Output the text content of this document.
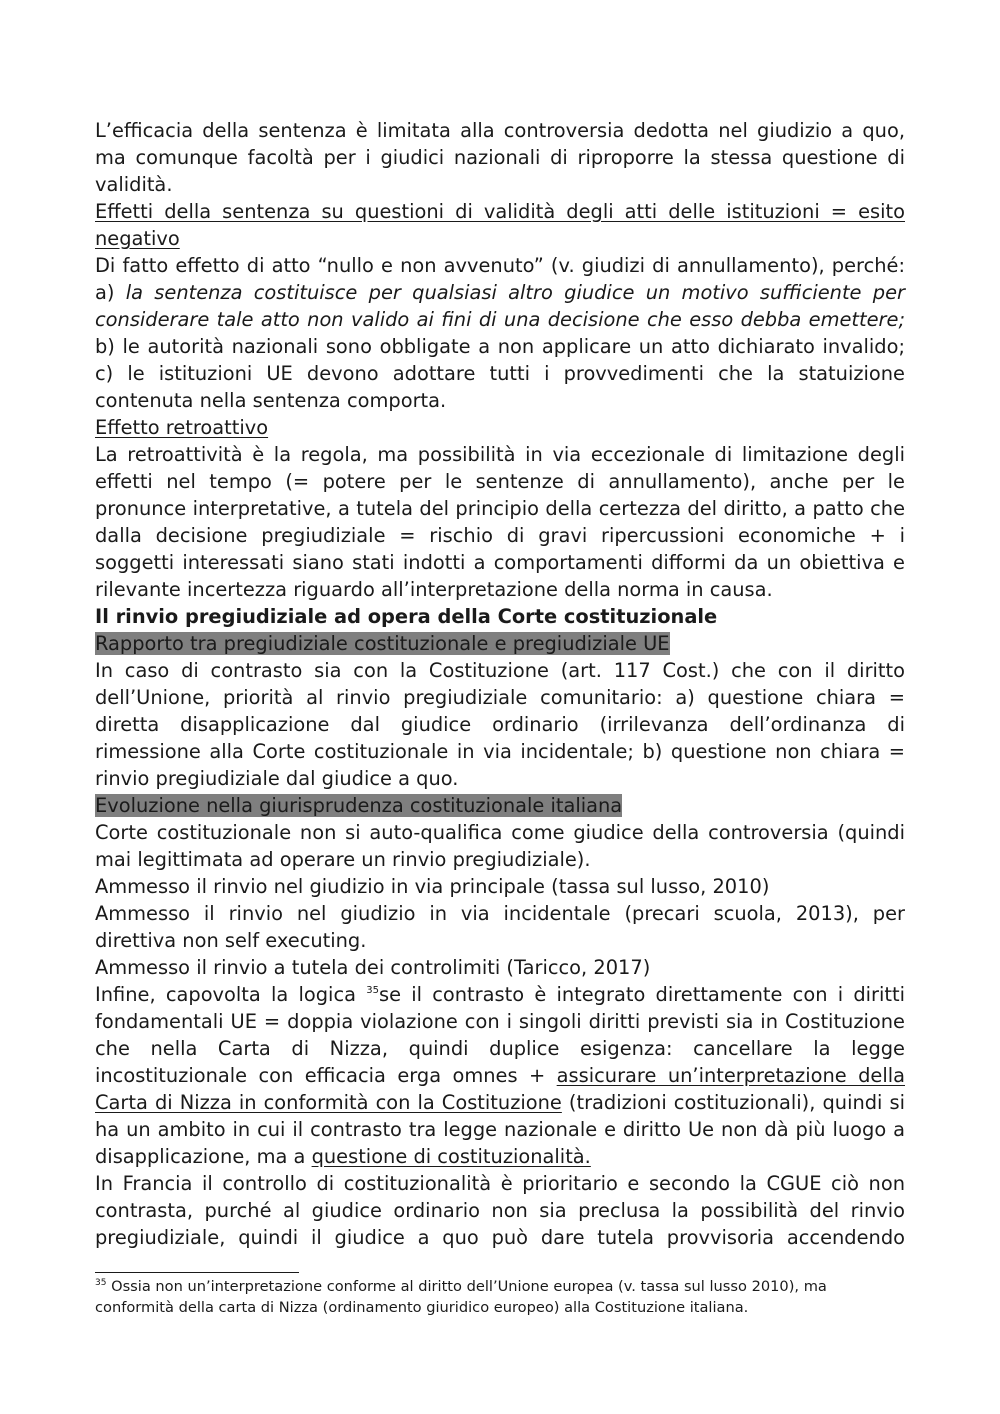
L’efficacia della sentenza è limitata alla controversia dedotta nel giudizio a quo, ma comunque facoltà per i giudici nazionali di riproporre la stessa questione di validità.

Effetti della sentenza su questioni di validità degli atti delle istituzioni = esito negativo

Di fatto effetto di atto “nullo e non avvenuto” (v. giudizi di annullamento), perché: a) la sentenza costituisce per qualsiasi altro giudice un motivo sufficiente per considerare tale atto non valido ai fini di una decisione che esso debba emettere; b) le autorità nazionali sono obbligate a non applicare un atto dichiarato invalido; c) le istituzioni UE devono adottare tutti i provvedimenti che la statuizione contenuta nella sentenza comporta.

Effetto retroattivo

La retroattività è la regola, ma possibilità in via eccezionale di limitazione degli effetti nel tempo (= potere per le sentenze di annullamento), anche per le pronunce interpretative, a tutela del principio della certezza del diritto, a patto che dalla decisione pregiudiziale = rischio di gravi ripercussioni economiche + i soggetti interessati siano stati indotti a comportamenti difformi da un obiettiva e rilevante incertezza riguardo all’interpretazione della norma in causa.

Il rinvio pregiudiziale ad opera della Corte costituzionale

Rapporto tra pregiudiziale costituzionale e pregiudiziale UE

In caso di contrasto sia con la Costituzione (art. 117 Cost.) che con il diritto dell’Unione, priorità al rinvio pregiudiziale comunitario: a) questione chiara = diretta disapplicazione dal giudice ordinario (irrilevanza dell’ordinanza di rimessione alla Corte costituzionale in via incidentale; b) questione non chiara = rinvio pregiudiziale dal giudice a quo.

Evoluzione nella giurisprudenza costituzionale italiana

Corte costituzionale non si auto-qualifica come giudice della controversia (quindi mai legittimata ad operare un rinvio pregiudiziale).

Ammesso il rinvio nel giudizio in via principale (tassa sul lusso, 2010)

Ammesso il rinvio nel giudizio in via incidentale (precari scuola, 2013), per direttiva non self executing.

Ammesso il rinvio a tutela dei controlimiti (Taricco, 2017)

Infine, capovolta la logica $^{35}$se il contrasto è integrato direttamente con i diritti fondamentali UE = doppia violazione con i singoli diritti previsti sia in Costituzione che nella Carta di Nizza, quindi duplice esigenza: cancellare la legge incostituzionale con efficacia erga omnes + assicurare un’interpretazione della Carta di Nizza in conformità con la Costituzione (tradizioni costituzionali), quindi si ha un ambito in cui il contrasto tra legge nazionale e diritto Ue non dà più luogo a disapplicazione, ma a questione di costituzionalità.

In Francia il controllo di costituzionalità è prioritario e secondo la CGUE ciò non contrasta, purché al giudice ordinario non sia preclusa la possibilità del rinvio pregiudiziale, quindi il giudice a quo può dare tutela provvisoria accendendo

$^{35}$ Ossia non un’interpretazione conforme al diritto dell’Unione europea (v. tassa sul lusso 2010), ma conformità della carta di Nizza (ordinamento giuridico europeo) alla Costituzione italiana.
